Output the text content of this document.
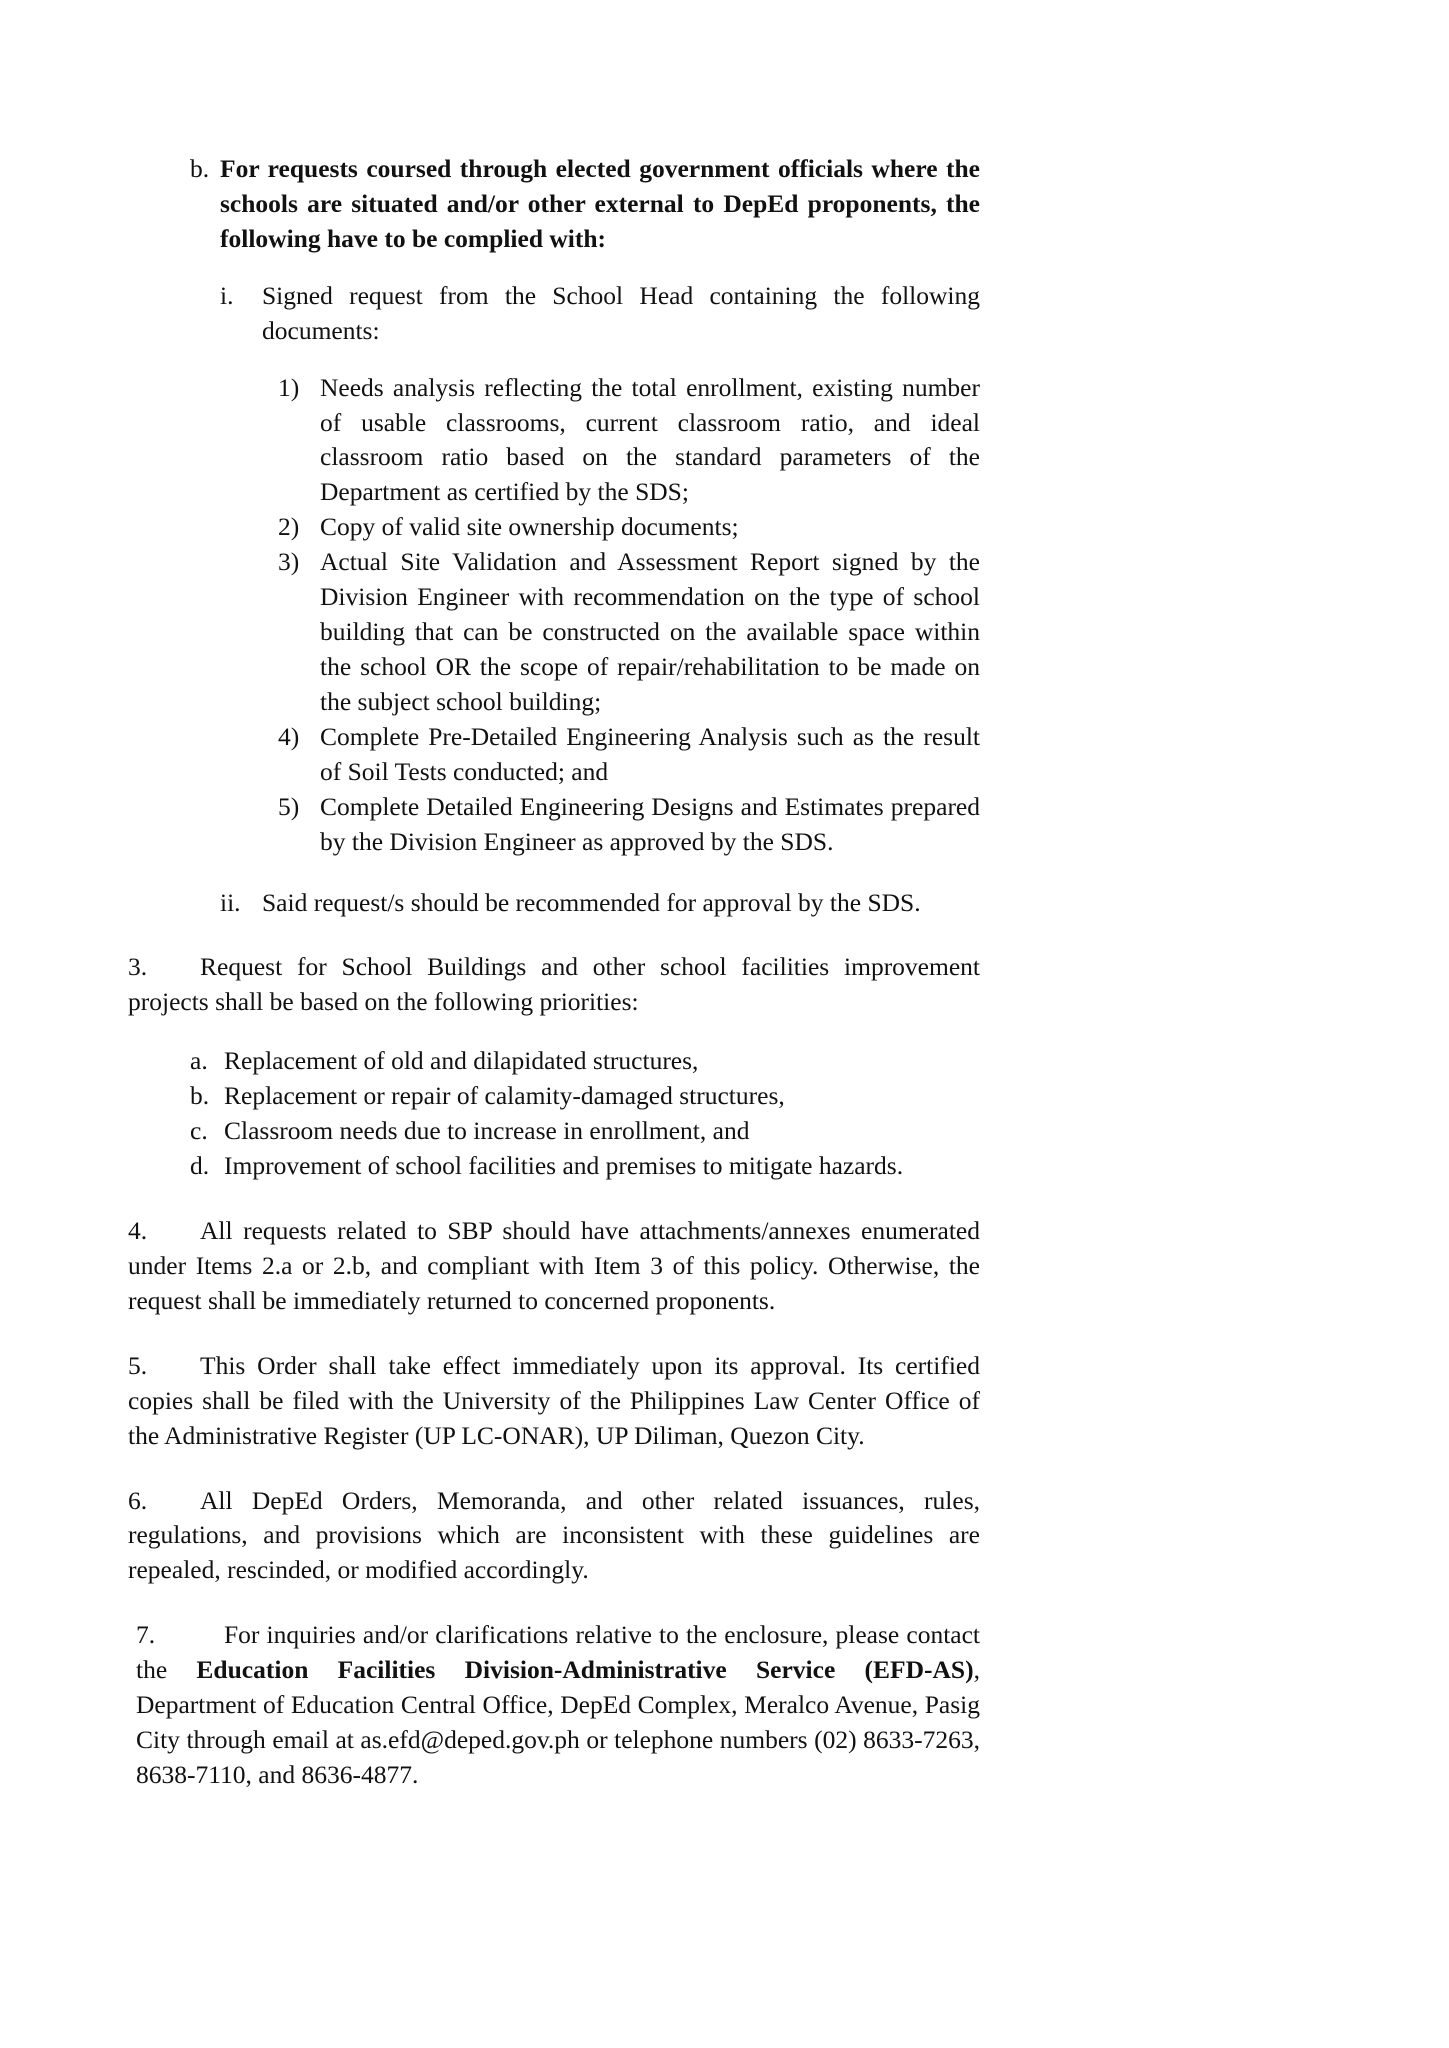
b. For requests coursed through elected government officials where the schools are situated and/or other external to DepEd proponents, the following have to be complied with:
i.	Signed request from the School Head containing the following documents:
1) Needs analysis reflecting the total enrollment, existing number of usable classrooms, current classroom ratio, and ideal classroom ratio based on the standard parameters of the Department as certified by the SDS;
2) Copy of valid site ownership documents;
3) Actual Site Validation and Assessment Report signed by the Division Engineer with recommendation on the type of school building that can be constructed on the available space within the school OR the scope of repair/rehabilitation to be made on the subject school building;
4) Complete Pre-Detailed Engineering Analysis such as the result of Soil Tests conducted; and
5) Complete Detailed Engineering Designs and Estimates prepared by the Division Engineer as approved by the SDS.
ii. Said request/s should be recommended for approval by the SDS.
3. Request for School Buildings and other school facilities improvement projects shall be based on the following priorities:
a. Replacement of old and dilapidated structures,
b. Replacement or repair of calamity-damaged structures,
c. Classroom needs due to increase in enrollment, and
d. Improvement of school facilities and premises to mitigate hazards.
4. All requests related to SBP should have attachments/annexes enumerated under Items 2.a or 2.b, and compliant with Item 3 of this policy. Otherwise, the request shall be immediately returned to concerned proponents.
5. This Order shall take effect immediately upon its approval. Its certified copies shall be filed with the University of the Philippines Law Center Office of the Administrative Register (UP LC-ONAR), UP Diliman, Quezon City.
6. All DepEd Orders, Memoranda, and other related issuances, rules, regulations, and provisions which are inconsistent with these guidelines are repealed, rescinded, or modified accordingly.
7.	For inquiries and/or clarifications relative to the enclosure, please contact the Education Facilities Division-Administrative Service (EFD-AS), Department of Education Central Office, DepEd Complex, Meralco Avenue, Pasig City through email at as.efd@deped.gov.ph or telephone numbers (02) 8633-7263, 8638-7110, and 8636-4877.
